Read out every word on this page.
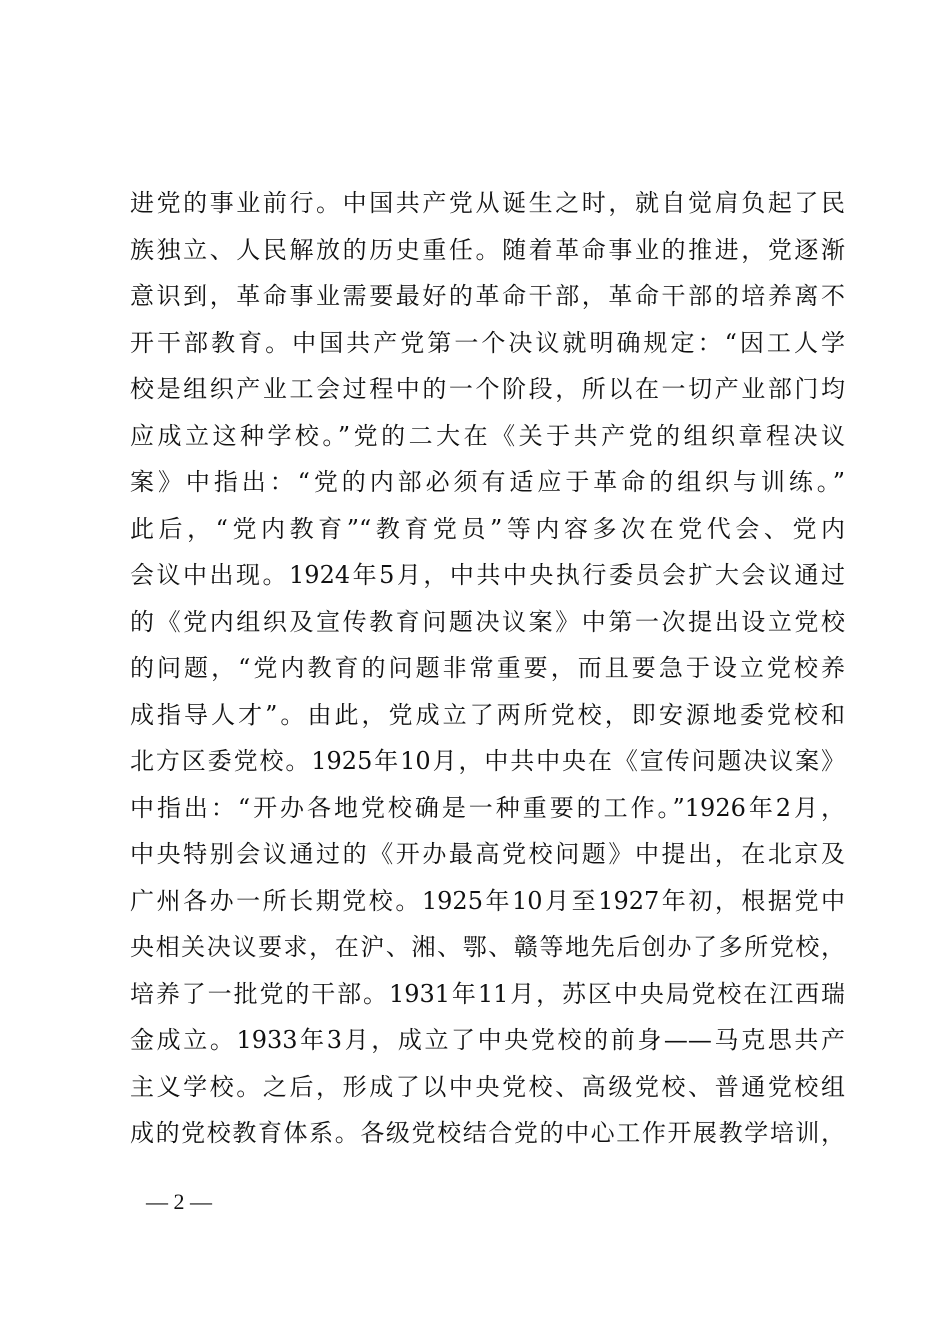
进党的事业前行。中国共产党从诞生之时，就自觉肩负起了民
族独立、人民解放的历史重任。随着革命事业的推进，党逐渐
意识到，革命事业需要最好的革命干部，革命干部的培养离不
开干部教育。中国共产党第一个决议就明确规定：“因工人学
校是组织产业工会过程中的一个阶段，所以在一切产业部门均
应成立这种学校。”党的二大在《关于共产党的组织章程决议
案》中指出：“党的内部必须有适应于革命的组织与训练。”
此后，“党内教育”“教育党员”等内容多次在党代会、党内
会议中出现。1924年5月，中共中央执行委员会扩大会议通过
的《党内组织及宣传教育问题决议案》中第一次提出设立党校
的问题，“党内教育的问题非常重要，而且要急于设立党校养
成指导人才”。由此，党成立了两所党校，即安源地委党校和
北方区委党校。1925年10月，中共中央在《宣传问题决议案》
中指出：“开办各地党校确是一种重要的工作。”1926年2月，
中央特别会议通过的《开办最高党校问题》中提出，在北京及
广州各办一所长期党校。1925年10月至1927年初，根据党中
央相关决议要求，在沪、湘、鄂、赣等地先后创办了多所党校，
培养了一批党的干部。1931年11月，苏区中央局党校在江西瑞
金成立。1933年3月，成立了中央党校的前身——马克思共产
主义学校。之后，形成了以中央党校、高级党校、普通党校组
成的党校教育体系。各级党校结合党的中心工作开展教学培训，
— 2 —
